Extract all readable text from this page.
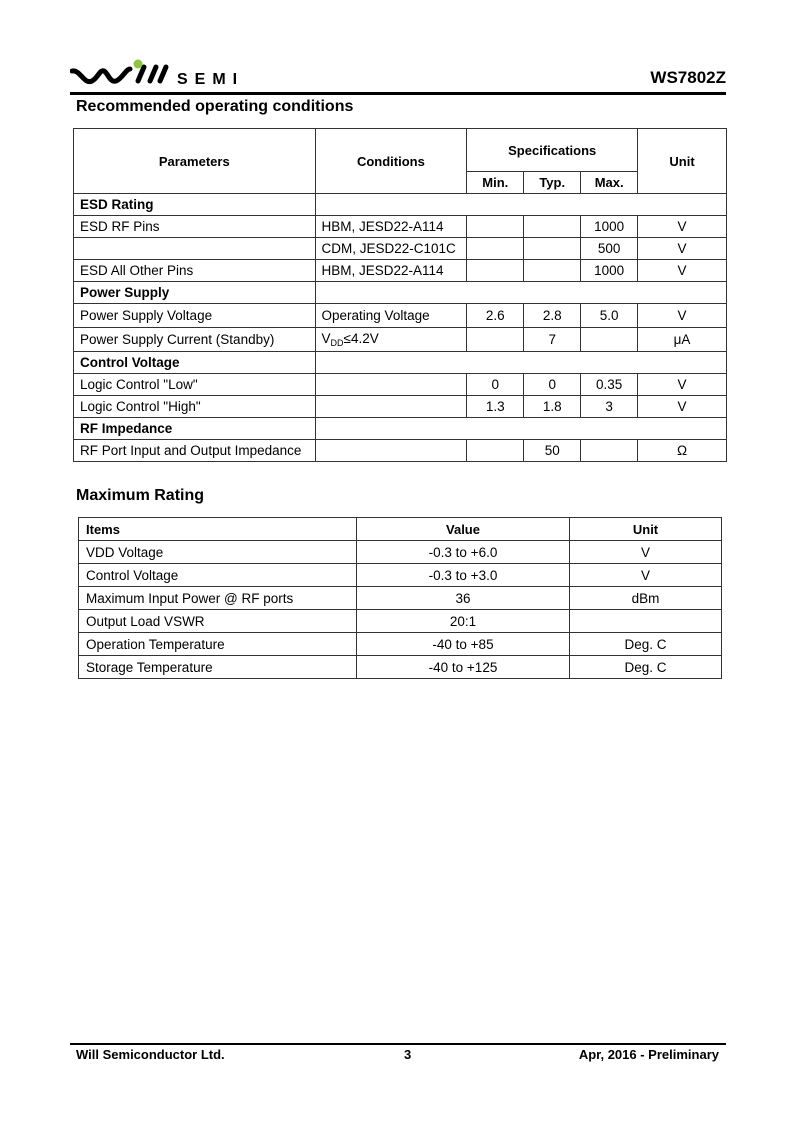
SEMI	WS7802Z
Recommended operating conditions
Parameters	Conditions	Specifications			Unit
		Min.	Typ.	Max.	
ESD Rating					
ESD RF Pins	HBM, JESD22-A114			1000	V
	CDM, JESD22-C101C			500	V
ESD All Other Pins	HBM, JESD22-A114			1000	V
Power Supply					
Power Supply Voltage	Operating Voltage	2.6	2.8	5.0	V
Power Supply Current (Standby)	$V_{DD}\le 4.2V$		7		μA
Control Voltage					
Logic Control "Low"		0	0	0.35	V
Logic Control "High"		1.3	1.8	3	V
RF Impedance					
RF Port Input and Output Impedance			50		Ω
Maximum Rating
Items	Value	Unit
VDD Voltage	-0.3 to +6.0	V
Control Voltage	-0.3 to +3.0	V
Maximum Input Power @ RF ports	36	dBm
Output Load VSWR	20:1	
Operation Temperature	-40 to +85	Deg. C
Storage Temperature	-40 to +125	Deg. C
Will Semiconductor Ltd.	3	Apr, 2016 - Preliminary
